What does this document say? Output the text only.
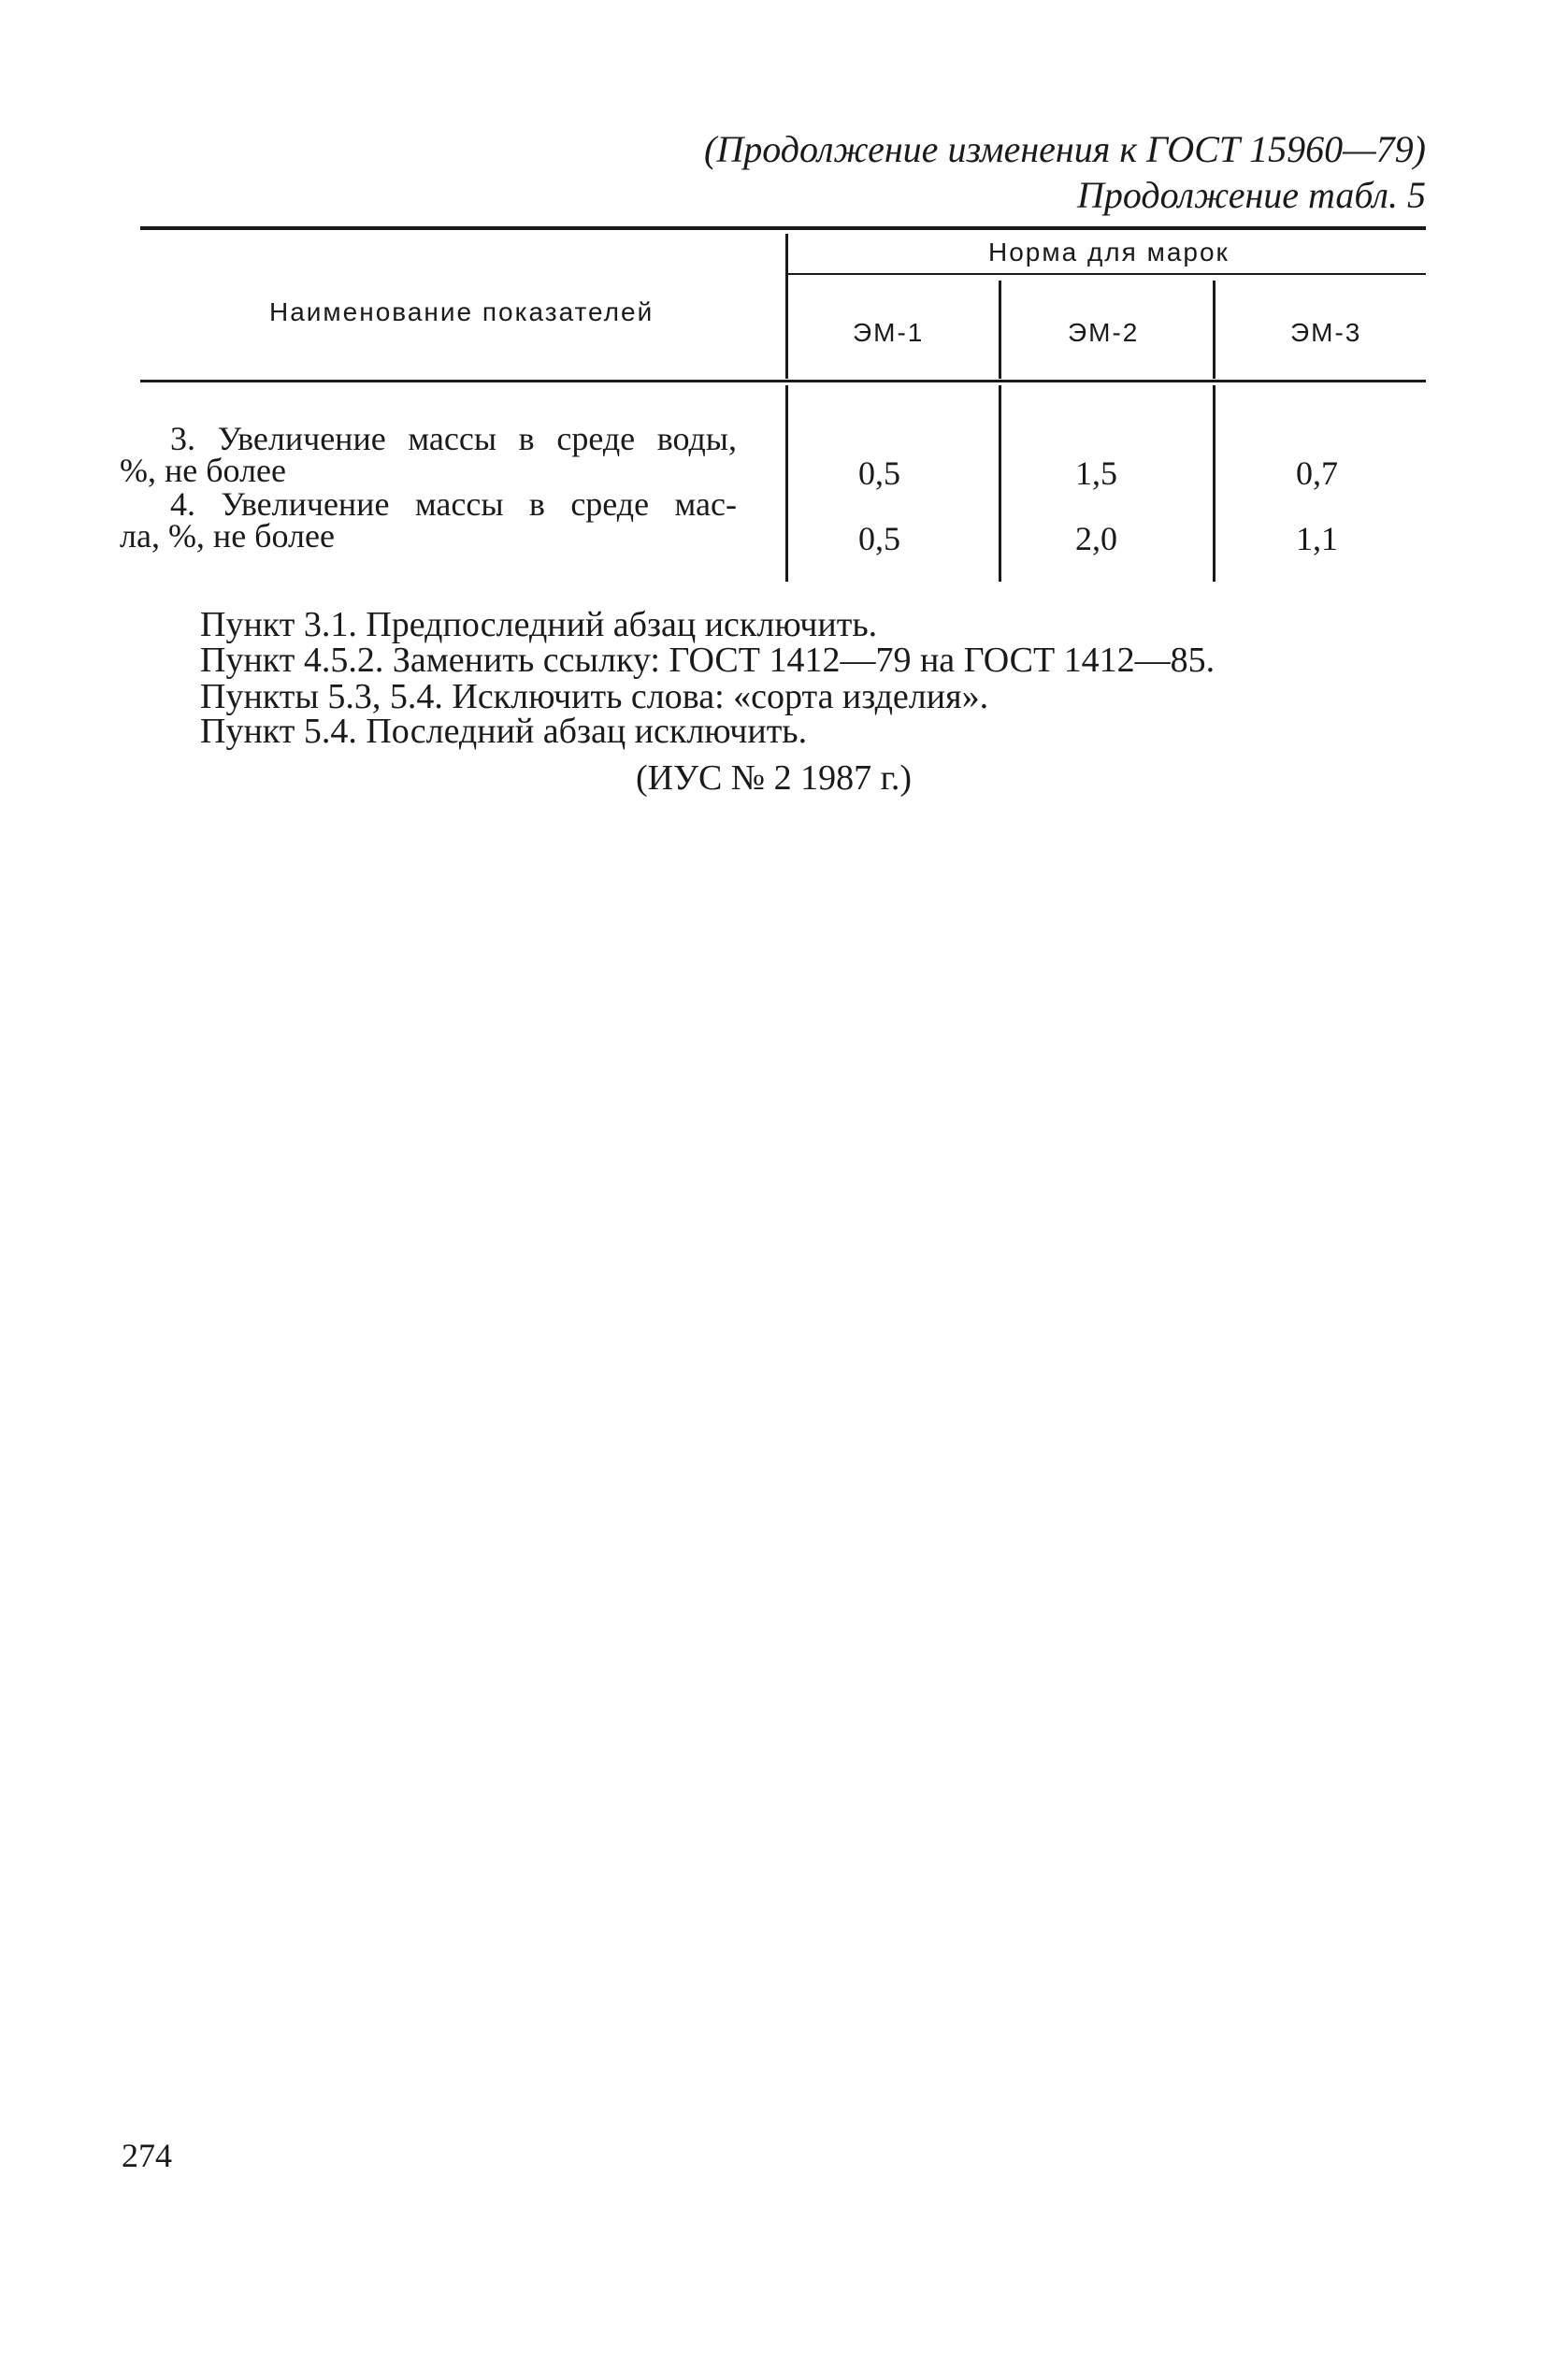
(Продолжение изменения к ГОСТ 15960—79)
Продолжение табл. 5
Наименование показателей
Норма для марок
ЭМ-1	ЭМ-2	ЭМ-3
3. Увеличение массы в среде воды,
%, не более	0,5	1,5	0,7
4. Увеличение массы в среде мас-
ла, %, не более	0,5	2,0	1,1
Пункт 3.1. Предпоследний абзац исключить.
Пункт 4.5.2. Заменить ссылку: ГОСТ 1412—79 на ГОСТ 1412—85.
Пункты 5.3, 5.4. Исключить слова: «сорта изделия».
Пункт 5.4. Последний абзац исключить.
(ИУС № 2 1987 г.)
274
